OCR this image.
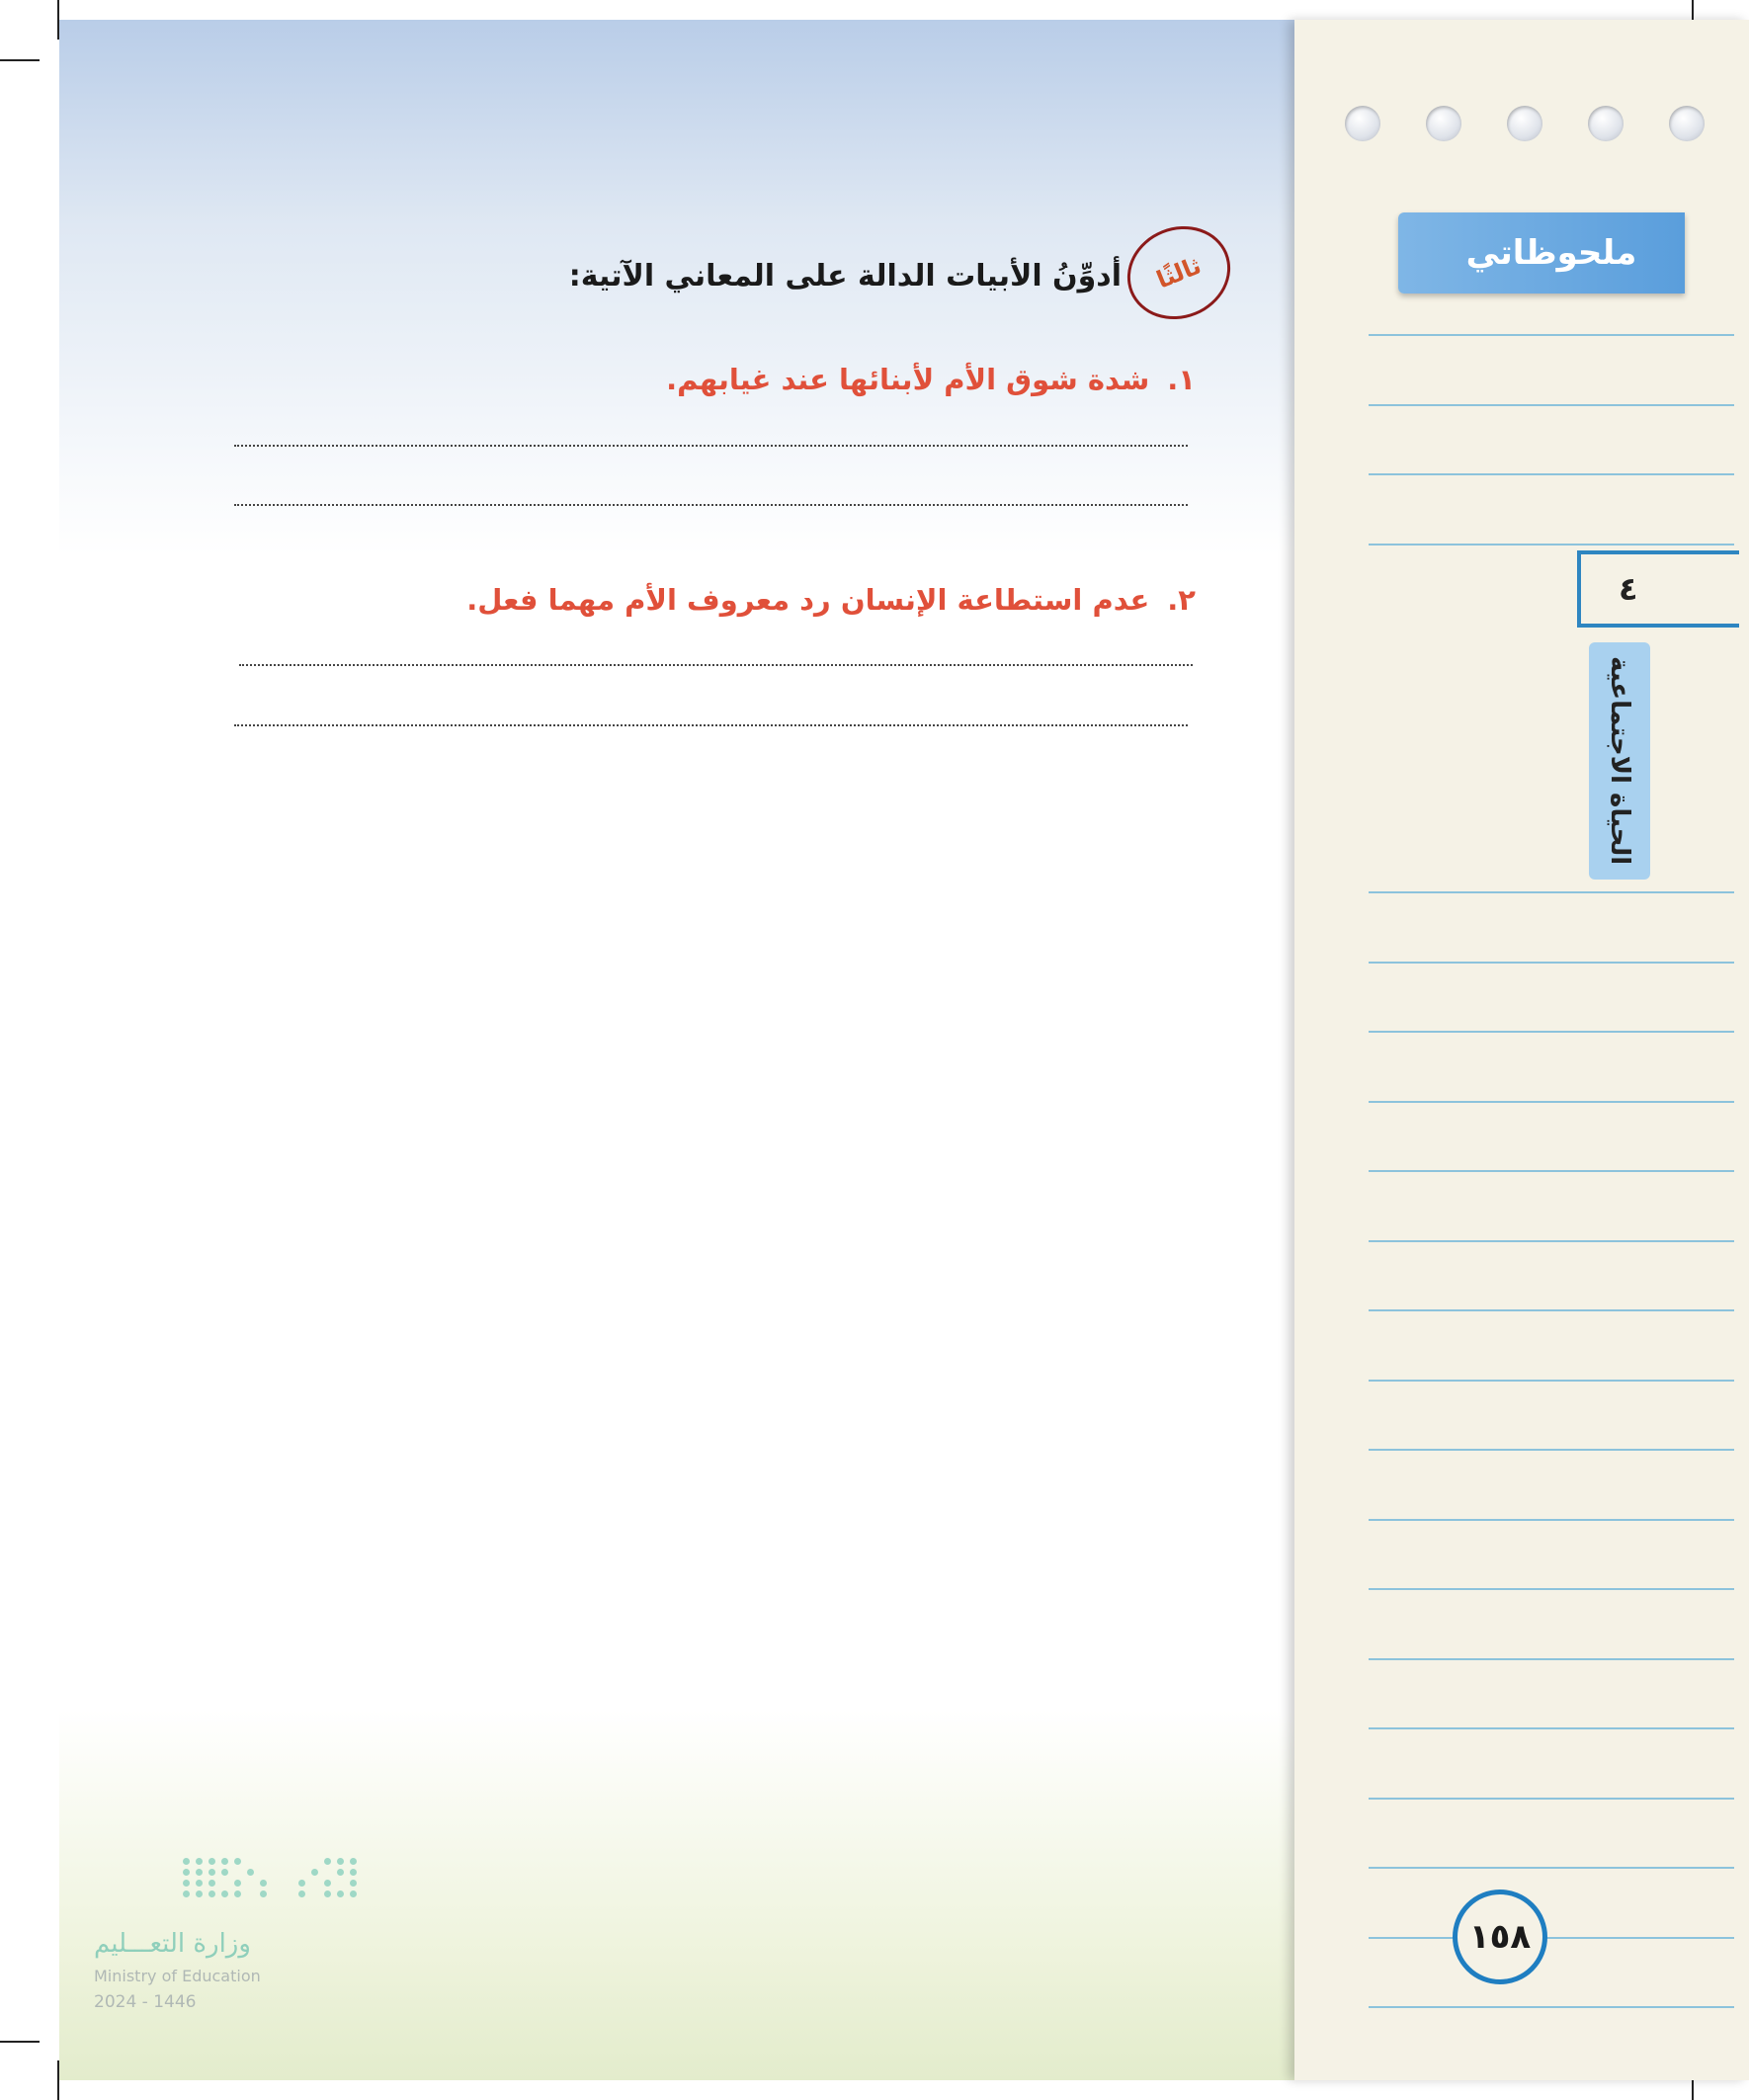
ملحوظاتي
٤
الحياة الاجتماعية
١٥٨
ثالثًا
أدوِّنُ الأبيات الدالة على المعاني الآتية:
١.شدة شوق الأم لأبنائها عند غيابهم.
٢.عدم استطاعة الإنسان رد معروف الأم مهما فعل.
وزارة التعـــليم
Ministry of Education
2024 - 1446
